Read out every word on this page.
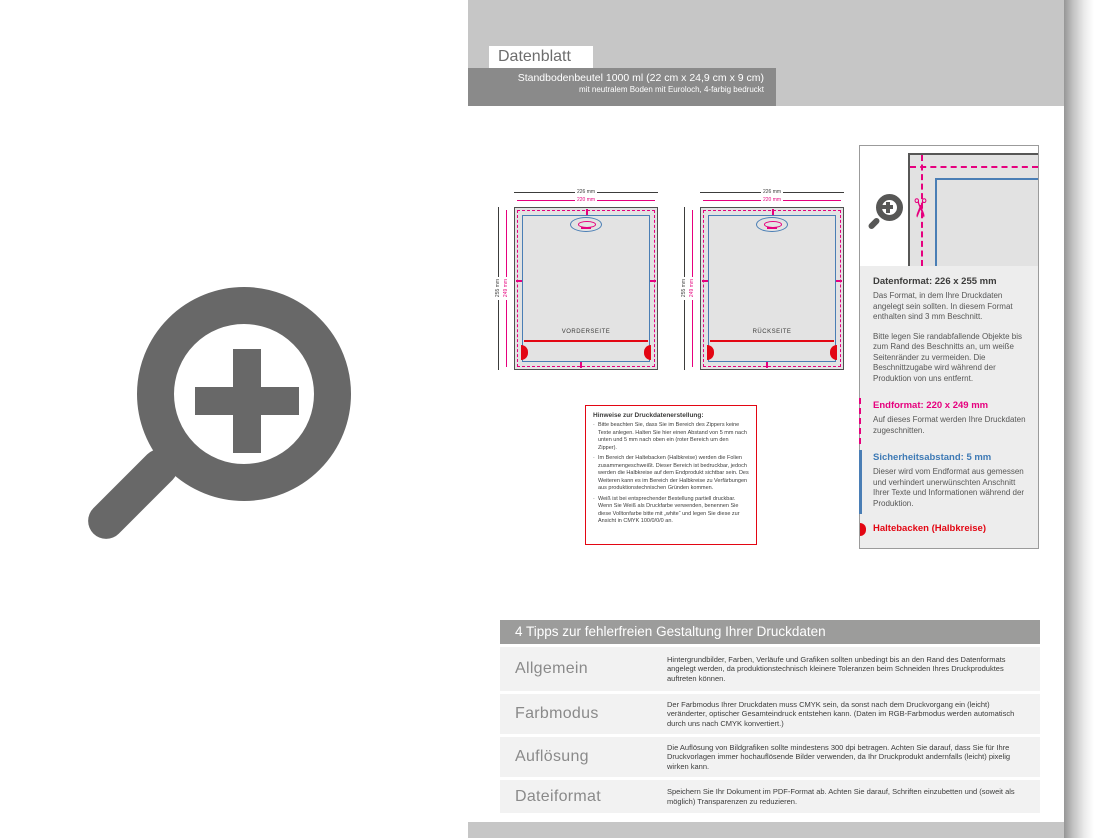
Datenblatt
Standbodenbeutel 1000 ml (22 cm x 24,9 cm x 9 cm)
mit neutralem Boden mit Euroloch, 4-farbig bedruckt
226 mm
220 mm
255 mm 249 mm
VORDERSEITE
226 mm
220 mm
255 mm 249 mm
RÜCKSEITE
Hinweise zur Druckdatenerstellung:
· Bitte beachten Sie, dass Sie im Bereich des Zippers keine Texte anlegen. Halten Sie hier einen Abstand von 5 mm nach unten und 5 mm nach oben ein (roter Bereich um den Zipper).
· Im Bereich der Haltebacken (Halbkreise) werden die Folien zusammengeschweißt. Dieser Bereich ist bedruckbar, jedoch werden die Halbkreise auf dem Endprodukt sichtbar sein. Des Weiteren kann es im Bereich der Halbkreise zu Verfärbungen aus produktionstechnischen Gründen kommen.
· Weiß ist bei entsprechender Bestellung partiell druckbar. Wenn Sie Weiß als Druckfarbe verwenden, benennen Sie diese Volltonfarbe bitte mit „white“ und legen Sie diese zur Ansicht in CMYK 100/0/0/0 an.
✂
Datenformat: 226 x 255 mm

Das Format, in dem Ihre Druckdaten angelegt sein sollten. In diesem Format enthalten sind 3 mm Beschnitt.

Bitte legen Sie randabfallende Objekte bis zum Rand des Beschnitts an, um weiße Seitenränder zu vermeiden. Die Beschnittzugabe wird während der Produktion von uns entfernt.

Endformat: 220 x 249 mm

Auf dieses Format werden Ihre Druckdaten zugeschnitten.

Sicherheitsabstand: 5 mm

Dieser wird vom Endformat aus gemessen und verhindert unerwünschten Anschnitt Ihrer Texte und Informationen während der Produktion.

Haltebacken (Halbkreise)
4 Tipps zur fehlerfreien Gestaltung Ihrer Druckdaten
Allgemein
Hintergrundbilder, Farben, Verläufe und Grafiken sollten unbedingt bis an den Rand des Datenformats angelegt werden, da produktionstechnisch kleinere Toleranzen beim Schneiden Ihres Druckproduktes auftreten können.
Farbmodus
Der Farbmodus Ihrer Druckdaten muss CMYK sein, da sonst nach dem Druckvorgang ein (leicht) veränderter, optischer Gesamteindruck entstehen kann. (Daten im RGB-Farbmodus werden automatisch durch uns nach CMYK konvertiert.)
Auflösung
Die Auflösung von Bildgrafiken sollte mindestens 300 dpi betragen. Achten Sie darauf, dass Sie für Ihre Druckvorlagen immer hochauflösende Bilder verwenden, da Ihr Druckprodukt andernfalls (leicht) pixelig wirken kann.
Dateiformat	Speichern Sie Ihr Dokument im PDF-Format ab. Achten Sie darauf, Schriften einzubetten und (soweit als möglich) Transparenzen zu reduzieren.
